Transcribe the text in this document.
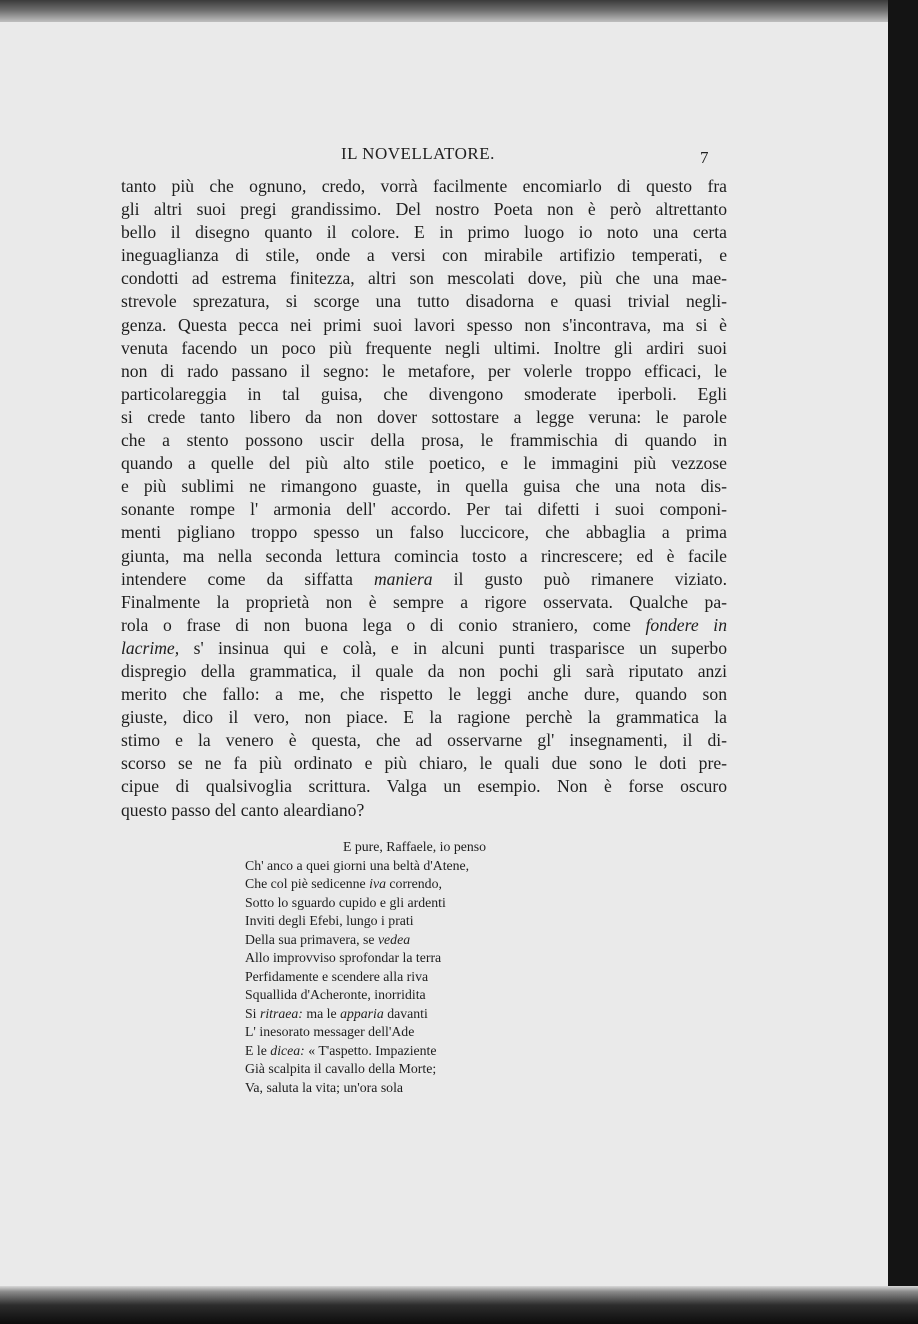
IL NOVELLATORE.	7
tanto più che ognuno, credo, vorrà facilmente encomiarlo di questo fra
gli altri suoi pregi grandissimo. Del nostro Poeta non è però altrettanto
bello il disegno quanto il colore. E in primo luogo io noto una certa
ineguaglianza di stile, onde a versi con mirabile artifizio temperati, e
condotti ad estrema finitezza, altri son mescolati dove, più che una mae-
strevole sprezatura, si scorge una tutto disadorna e quasi trivial negli-
genza. Questa pecca nei primi suoi lavori spesso non s'incontrava, ma si è
venuta facendo un poco più frequente negli ultimi. Inoltre gli ardiri suoi
non di rado passano il segno: le metafore, per volerle troppo efficaci, le
particolareggia in tal guisa, che divengono smoderate iperboli. Egli
si crede tanto libero da non dover sottostare a legge veruna: le parole
che a stento possono uscir della prosa, le frammischia di quando in
quando a quelle del più alto stile poetico, e le immagini più vezzose
e più sublimi ne rimangono guaste, in quella guisa che una nota dis-
sonante rompe l' armonia dell' accordo. Per tai difetti i suoi componi-
menti pigliano troppo spesso un falso luccicore, che abbaglia a prima
giunta, ma nella seconda lettura comincia tosto a rincrescere; ed è facile
intendere come da siffatta maniera il gusto può rimanere viziato.
Finalmente la proprietà non è sempre a rigore osservata. Qualche pa-
rola o frase di non buona lega o di conio straniero, come fondere in
lacrime, s' insinua qui e colà, e in alcuni punti trasparisce un superbo
dispregio della grammatica, il quale da non pochi gli sarà riputato anzi
merito che fallo: a me, che rispetto le leggi anche dure, quando son
giuste, dico il vero, non piace. E la ragione perchè la grammatica la
stimo e la venero è questa, che ad osservarne gl' insegnamenti, il di-
scorso se ne fa più ordinato e più chiaro, le quali due sono le doti pre-
cipue di qualsivoglia scrittura. Valga un esempio. Non è forse oscuro
questo passo del canto aleardiano?
E pure, Raffaele, io penso
Ch' anco a quei giorni una beltà d'Atene,
Che col piè sedicenne iva correndo,
Sotto lo sguardo cupido e gli ardenti
Inviti degli Efebi, lungo i prati
Della sua primavera, se vedea
Allo improvviso sprofondar la terra
Perfidamente e scendere alla riva
Squallida d'Acheronte, inorridita
Si ritraea: ma le apparia davanti
L' inesorato messager dell'Ade
E le dicea: « T'aspetto. Impaziente
Già scalpita il cavallo della Morte;
Va, saluta la vita; un'ora sola
